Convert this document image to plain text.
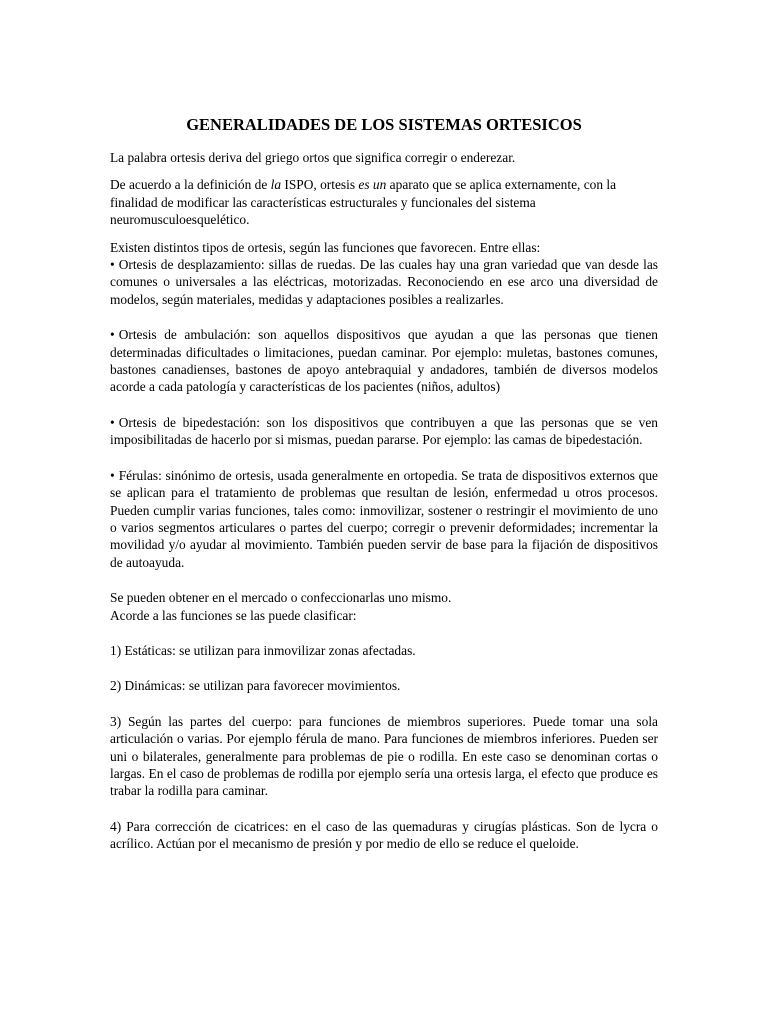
GENERALIDADES DE LOS SISTEMAS ORTESICOS

La palabra ortesis deriva del griego ortos que significa corregir o enderezar.

De acuerdo a la definición de la ISPO, ortesis es un aparato que se aplica externamente, con la finalidad de modificar las características estructurales y funcionales del sistema neuromusculoesquelético.

Existen distintos tipos de ortesis, según las funciones que favorecen. Entre ellas:
• Ortesis de desplazamiento: sillas de ruedas. De las cuales hay una gran variedad que van desde las comunes o universales a las eléctricas, motorizadas. Reconociendo en ese arco una diversidad de modelos, según materiales, medidas y adaptaciones posibles a realizarles.

• Ortesis de ambulación: son aquellos dispositivos que ayudan a que las personas que tienen determinadas dificultades o limitaciones, puedan caminar. Por ejemplo: muletas, bastones comunes, bastones canadienses, bastones de apoyo antebraquial y andadores, también de diversos modelos acorde a cada patología y características de los pacientes (niños, adultos)

• Ortesis de bipedestación: son los dispositivos que contribuyen a que las personas que se ven imposibilitadas de hacerlo por si mismas, puedan pararse. Por ejemplo: las camas de bipedestación.

• Férulas: sinónimo de ortesis, usada generalmente en ortopedia. Se trata de dispositivos externos que se aplican para el tratamiento de problemas que resultan de lesión, enfermedad u otros procesos. Pueden cumplir varias funciones, tales como: inmovilizar, sostener o restringir el movimiento de uno o varios segmentos articulares o partes del cuerpo; corregir o prevenir deformidades; incrementar la movilidad y/o ayudar al movimiento. También pueden servir de base para la fijación de dispositivos de autoayuda.

Se pueden obtener en el mercado o confeccionarlas uno mismo.
Acorde a las funciones se las puede clasificar:

1) Estáticas: se utilizan para inmovilizar zonas afectadas.

2) Dinámicas: se utilizan para favorecer movimientos.

3) Según las partes del cuerpo: para funciones de miembros superiores. Puede tomar una sola articulación o varias. Por ejemplo férula de mano. Para funciones de miembros inferiores. Pueden ser uni o bilaterales, generalmente para problemas de pie o rodilla. En este caso se denominan cortas o largas. En el caso de problemas de rodilla por ejemplo sería una ortesis larga, el efecto que produce es trabar la rodilla para caminar.

4) Para corrección de cicatrices: en el caso de las quemaduras y cirugías plásticas. Son de lycra o acrílico. Actúan por el mecanismo de presión y por medio de ello se reduce el queloide.
